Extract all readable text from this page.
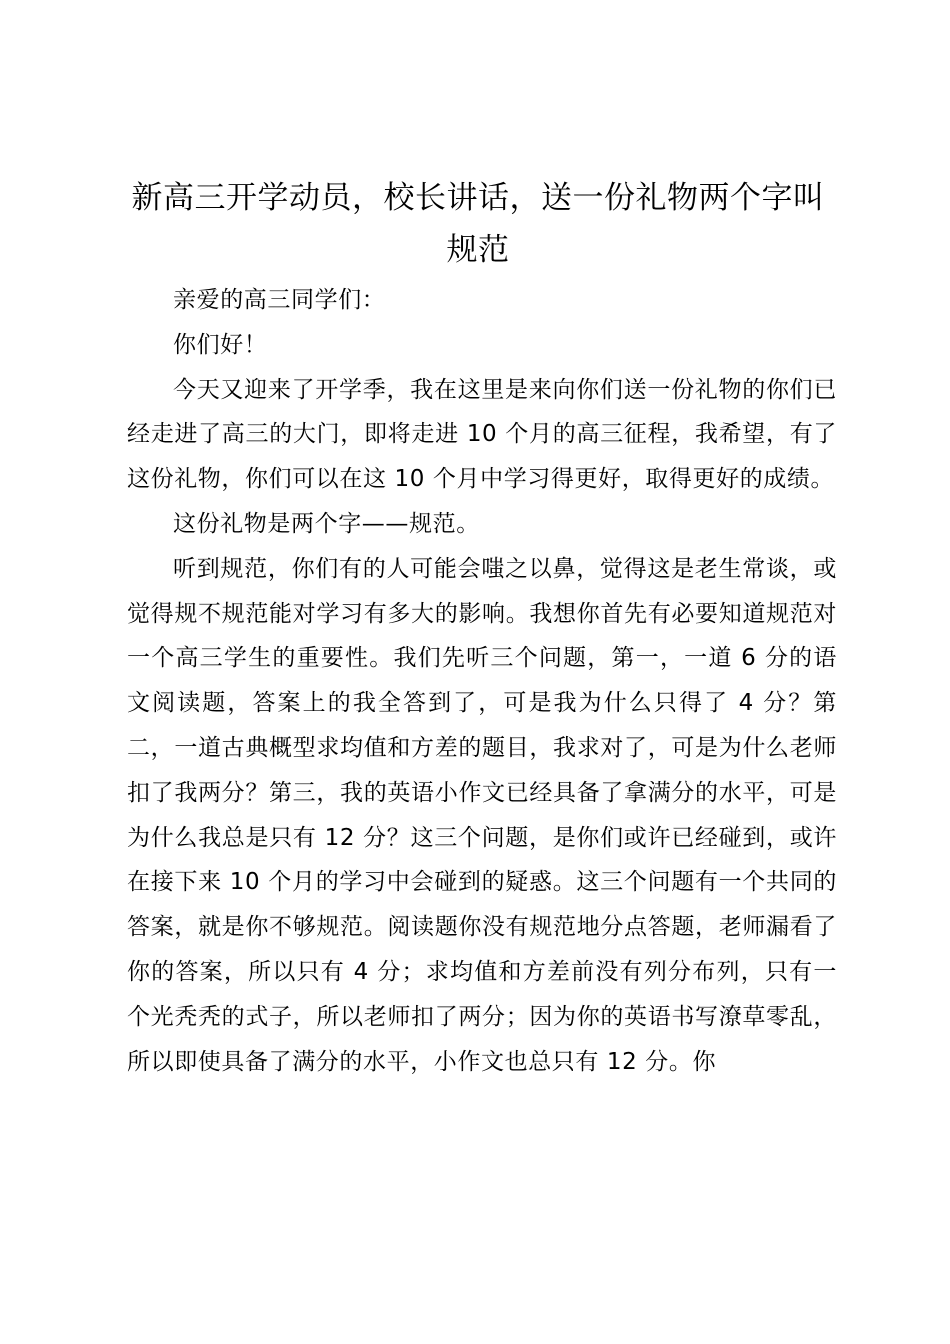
新高三开学动员，校长讲话，送一份礼物两个字叫规范

亲爱的高三同学们：

你们好！

今天又迎来了开学季，我在这里是来向你们送一份礼物的你们已经走进了高三的大门，即将走进 10 个月的高三征程，我希望，有了这份礼物，你们可以在这 10 个月中学习得更好，取得更好的成绩。

这份礼物是两个字——规范。

听到规范，你们有的人可能会嗤之以鼻，觉得这是老生常谈，或觉得规不规范能对学习有多大的影响。我想你首先有必要知道规范对一个高三学生的重要性。我们先听三个问题，第一，一道 6 分的语文阅读题，答案上的我全答到了，可是我为什么只得了 4 分？第二，一道古典概型求均值和方差的题目，我求对了，可是为什么老师扣了我两分？第三，我的英语小作文已经具备了拿满分的水平，可是为什么我总是只有 12 分？这三个问题，是你们或许已经碰到，或许在接下来 10 个月的学习中会碰到的疑惑。这三个问题有一个共同的答案，就是你不够规范。阅读题你没有规范地分点答题，老师漏看了你的答案，所以只有 4 分；求均值和方差前没有列分布列，只有一个光秃秃的式子，所以老师扣了两分；因为你的英语书写潦草零乱，所以即使具备了满分的水平，小作文也总只有 12 分。你
